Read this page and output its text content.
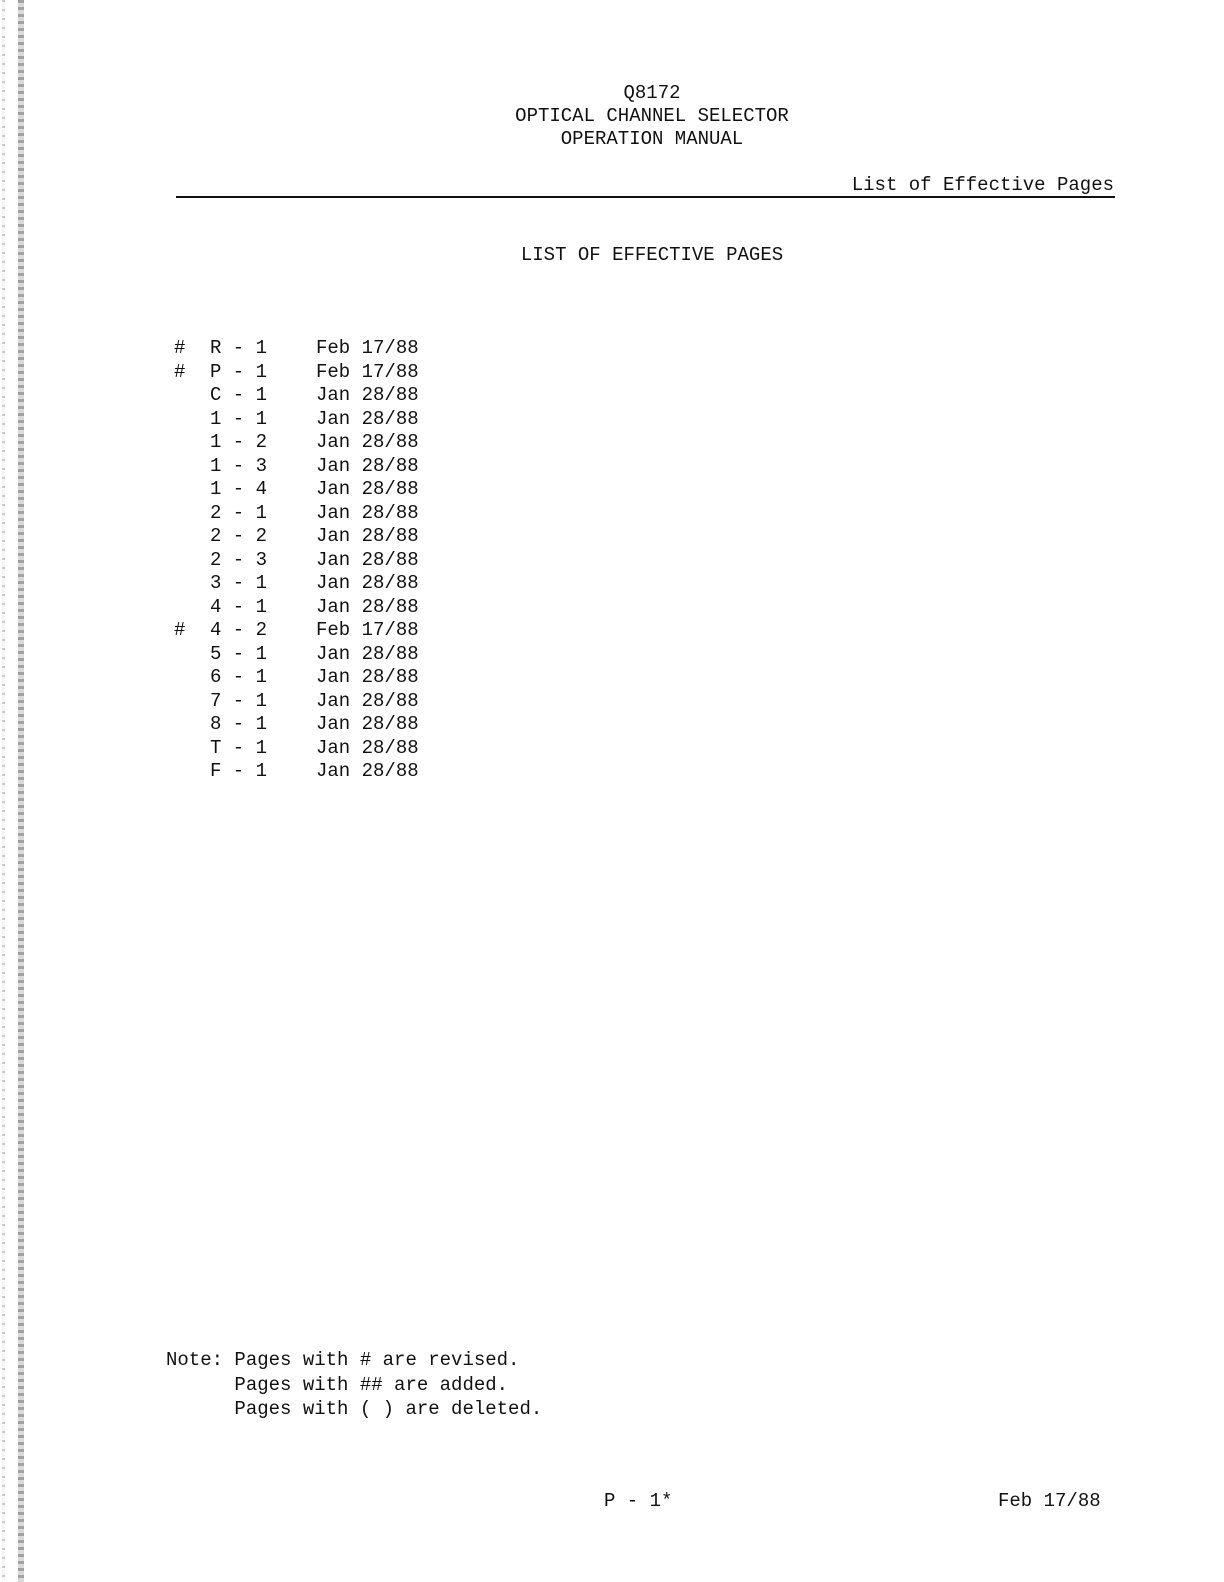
Q8172
OPTICAL CHANNEL SELECTOR
OPERATION MANUAL
List of Effective Pages
LIST OF EFFECTIVE PAGES
# R - 1	Feb 17/88
# P - 1	Feb 17/88
C - 1	Jan 28/88
1 - 1	Jan 28/88
1 - 2	Jan 28/88
1 - 3	Jan 28/88
1 - 4	Jan 28/88
2 - 1	Jan 28/88
2 - 2	Jan 28/88
2 - 3	Jan 28/88
3 - 1	Jan 28/88
4 - 1	Jan 28/88
# 4 - 2	Feb 17/88
5 - 1	Jan 28/88
6 - 1	Jan 28/88
7 - 1	Jan 28/88
8 - 1	Jan 28/88
T - 1	Jan 28/88
F - 1	Jan 28/88
Note: Pages with # are revised.
Pages with ## are added.
Pages with ( ) are deleted.
P - 1*	Feb 17/88
